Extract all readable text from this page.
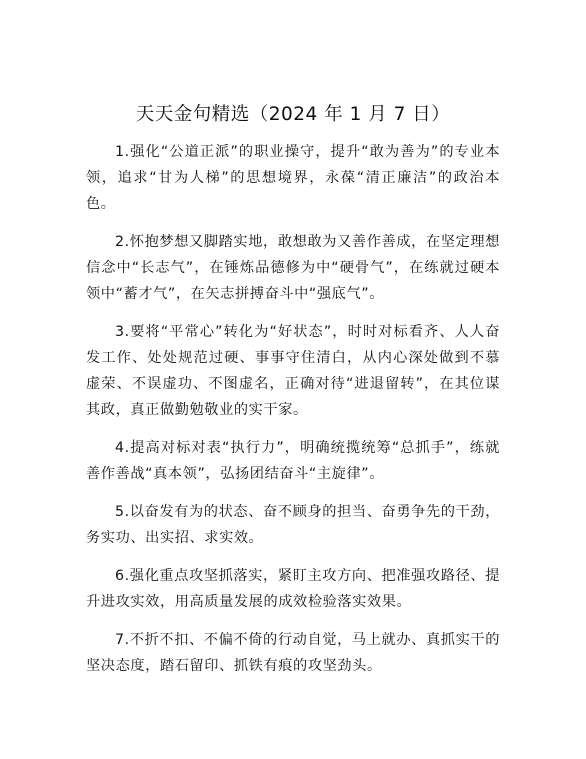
天天金句精选（2024 年 1 月 7 日）

1.强化“公道正派”的职业操守，提升“敢为善为”的专业本领，追求“甘为人梯”的思想境界，永葆“清正廉洁”的政治本色。

2.怀抱梦想又脚踏实地，敢想敢为又善作善成，在坚定理想信念中“长志气”，在锤炼品德修为中“硬骨气”，在练就过硬本领中“蓄才气”，在矢志拼搏奋斗中“强底气”。

3.要将“平常心”转化为“好状态”，时时对标看齐、人人奋发工作、处处规范过硬、事事守住清白，从内心深处做到不慕虚荣、不误虚功、不图虚名，正确对待“进退留转”，在其位谋其政，真正做勤勉敬业的实干家。

4.提高对标对表“执行力”，明确统揽统筹“总抓手”，练就善作善战“真本领”，弘扬团结奋斗“主旋律”。

5.以奋发有为的状态、奋不顾身的担当、奋勇争先的干劲，务实功、出实招、求实效。

6.强化重点攻坚抓落实，紧盯主攻方向、把准强攻路径、提升进攻实效，用高质量发展的成效检验落实效果。

7.不折不扣、不偏不倚的行动自觉，马上就办、真抓实干的坚决态度，踏石留印、抓铁有痕的攻坚劲头。
